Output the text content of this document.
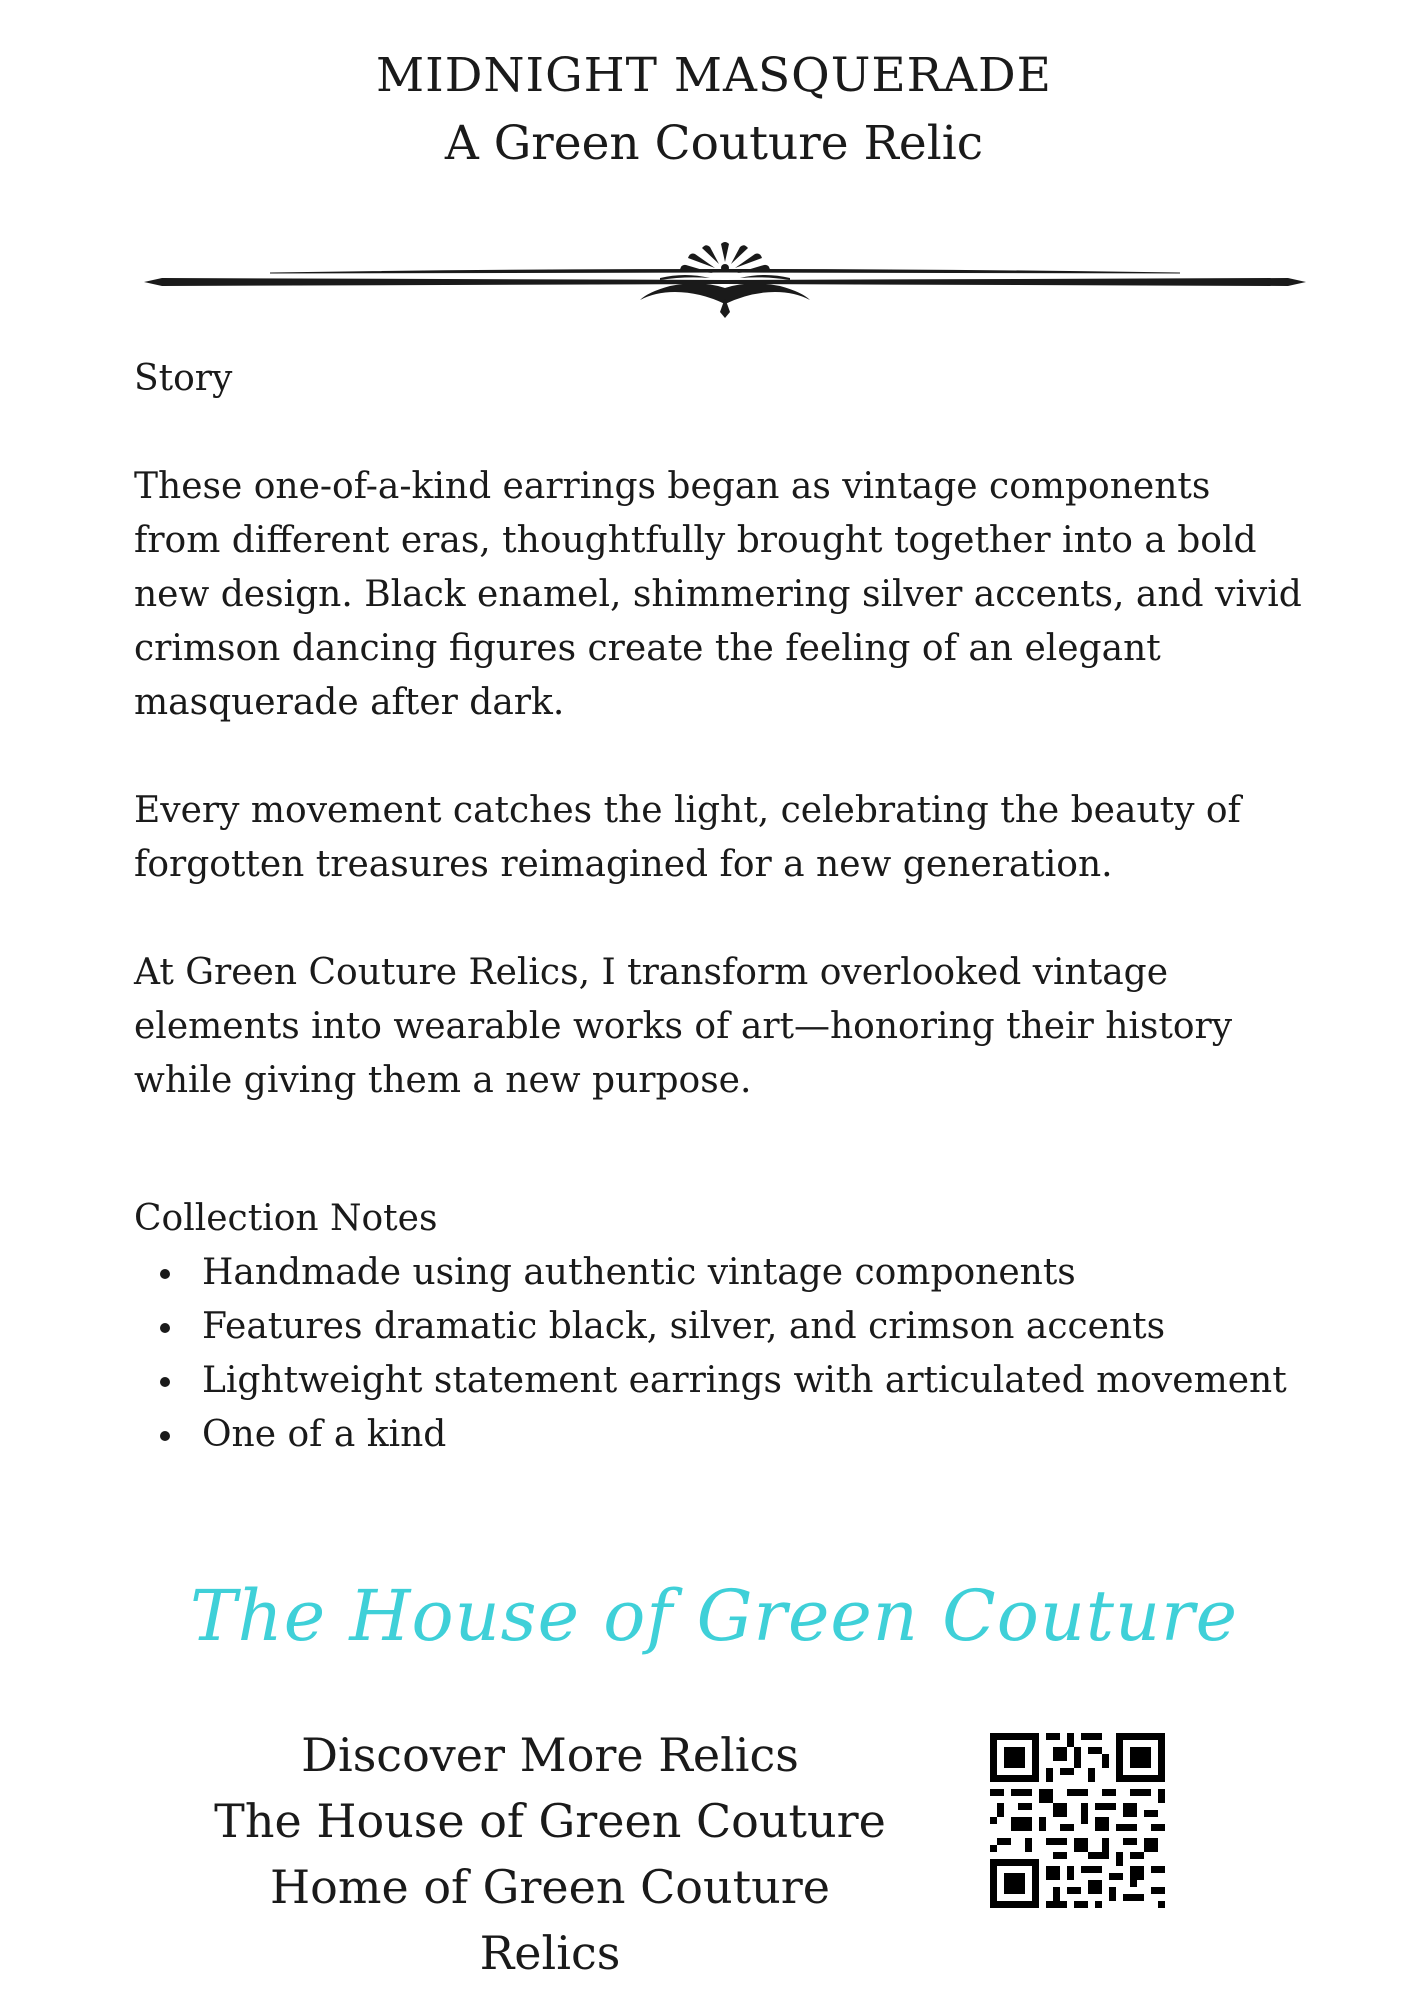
MIDNIGHT MASQUERADE
A Green Couture Relic

Story

These one-of-a-kind earrings began as vintage components from different eras, thoughtfully brought together into a bold new design. Black enamel, shimmering silver accents, and vivid crimson dancing figures create the feeling of an elegant masquerade after dark.

Every movement catches the light, celebrating the beauty of forgotten treasures reimagined for a new generation.

At Green Couture Relics, I transform overlooked vintage elements into wearable works of art—honoring their history while giving them a new purpose.

Collection Notes

Handmade using authentic vintage components
Features dramatic black, silver, and crimson accents
Lightweight statement earrings with articulated movement
One of a kind
The House of Green Couture
Discover More Relics
The House of Green Couture
Home of Green Couture Relics
